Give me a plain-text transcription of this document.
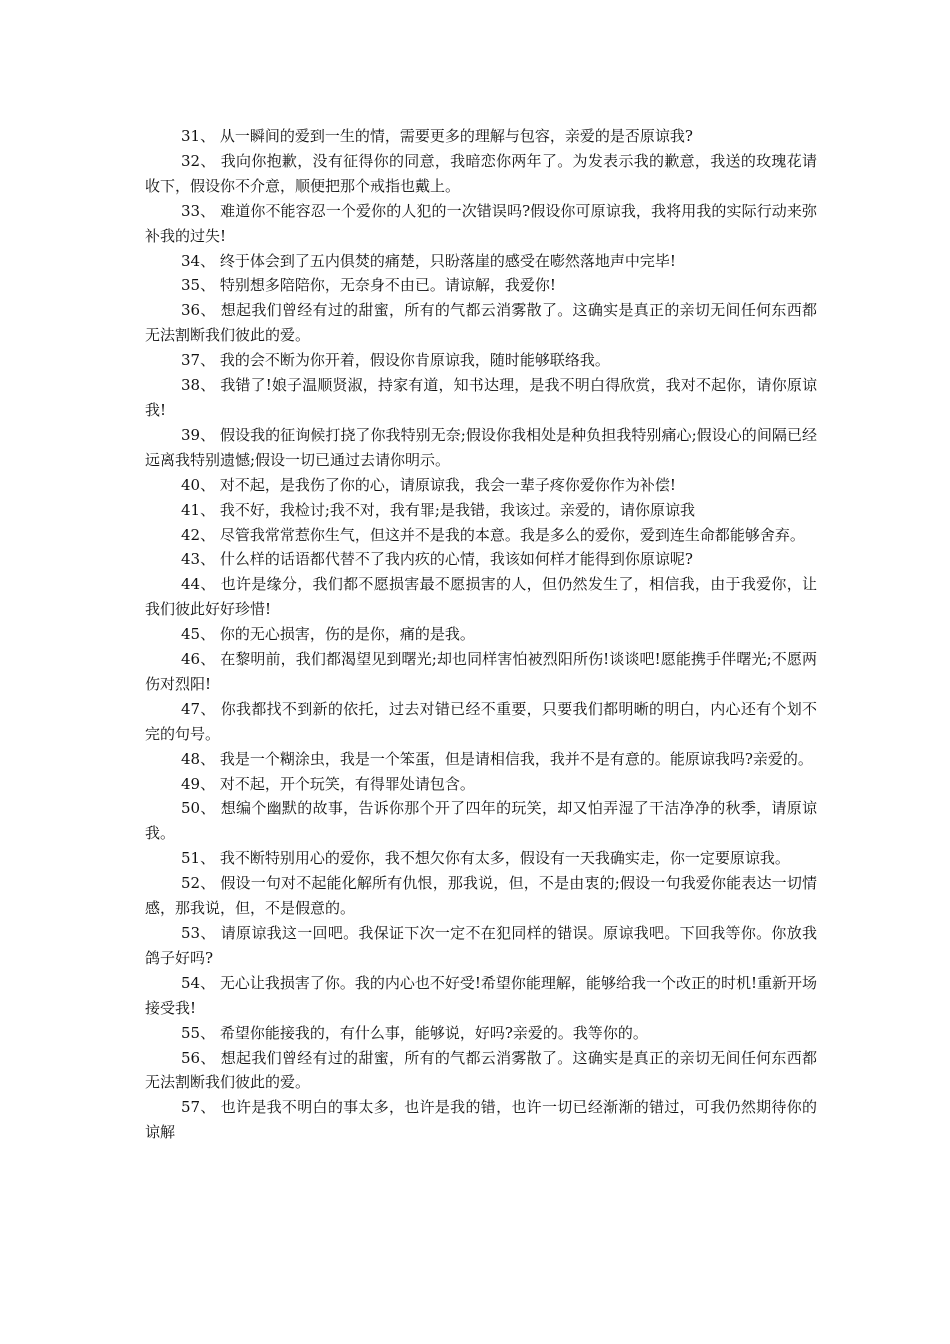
31、 从一瞬间的爱到一生的情，需要更多的理解与包容，亲爱的是否原谅我?

32、 我向你抱歉，没有征得你的同意，我暗恋你两年了。为发表示我的歉意，我送的玫瑰花请收下，假设你不介意，顺便把那个戒指也戴上。

33、 难道你不能容忍一个爱你的人犯的一次错误吗?假设你可原谅我，我将用我的实际行动来弥补我的过失!

34、 终于体会到了五内俱焚的痛楚，只盼落崖的感受在嘭然落地声中完毕!

35、 特别想多陪陪你，无奈身不由已。请谅解，我爱你!

36、 想起我们曾经有过的甜蜜，所有的气都云消雾散了。这确实是真正的亲切无间任何东西都无法割断我们彼此的爱。

37、 我的会不断为你开着，假设你肯原谅我，随时能够联络我。

38、 我错了!娘子温顺贤淑，持家有道，知书达理，是我不明白得欣赏，我对不起你，请你原谅我!

39、 假设我的征询候打挠了你我特别无奈;假设你我相处是种负担我特别痛心;假设心的间隔已经远离我特别遗憾;假设一切已通过去请你明示。

40、 对不起，是我伤了你的心，请原谅我，我会一辈子疼你爱你作为补偿!

41、 我不好，我检讨;我不对，我有罪;是我错，我该过。亲爱的，请你原谅我

42、 尽管我常常惹你生气，但这并不是我的本意。我是多么的爱你，爱到连生命都能够舍弃。

43、 什么样的话语都代替不了我内疚的心情，我该如何样才能得到你原谅呢?

44、 也许是缘分，我们都不愿损害最不愿损害的人，但仍然发生了，相信我，由于我爱你，让我们彼此好好珍惜!

45、 你的无心损害，伤的是你，痛的是我。

46、 在黎明前，我们都渴望见到曙光;却也同样害怕被烈阳所伤!谈谈吧!愿能携手伴曙光;不愿两伤对烈阳!

47、 你我都找不到新的依托，过去对错已经不重要，只要我们都明晰的明白，内心还有个划不完的句号。

48、 我是一个糊涂虫，我是一个笨蛋，但是请相信我，我并不是有意的。能原谅我吗?亲爱的。

49、 对不起，开个玩笑，有得罪处请包含。

50、 想编个幽默的故事，告诉你那个开了四年的玩笑，却又怕弄湿了干洁净净的秋季，请原谅我。

51、 我不断特别用心的爱你，我不想欠你有太多，假设有一天我确实走，你一定要原谅我。

52、 假设一句对不起能化解所有仇恨，那我说，但，不是由衷的;假设一句我爱你能表达一切情感，那我说，但，不是假意的。

53、 请原谅我这一回吧。我保证下次一定不在犯同样的错误。原谅我吧。下回我等你。你放我鸽子好吗?

54、 无心让我损害了你。我的内心也不好受!希望你能理解，能够给我一个改正的时机!重新开场接受我!

55、 希望你能接我的，有什么事，能够说，好吗?亲爱的。我等你的。

56、 想起我们曾经有过的甜蜜，所有的气都云消雾散了。这确实是真正的亲切无间任何东西都无法割断我们彼此的爱。

57、 也许是我不明白的事太多，也许是我的错，也许一切已经渐渐的错过，可我仍然期待你的谅解
